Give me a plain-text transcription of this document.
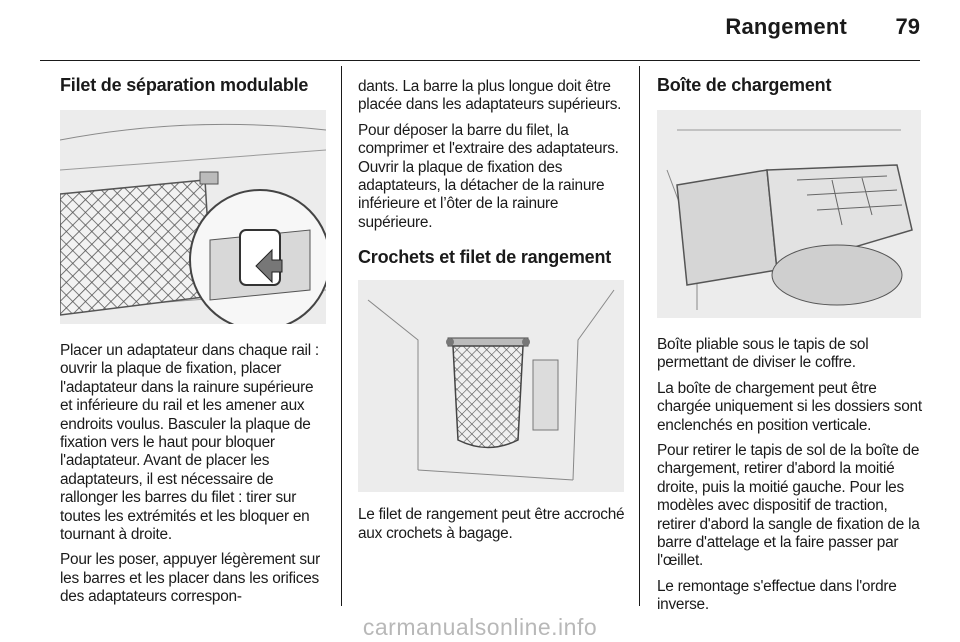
Rangement 79
Filet de séparation modulable

Placer un adaptateur dans chaque rail : ouvrir la plaque de fixation, placer l'adaptateur dans la rainure supérieure et inférieure du rail et les amener aux endroits voulus. Basculer la plaque de fixation vers le haut pour bloquer l'adaptateur. Avant de placer les adaptateurs, il est nécessaire de rallonger les barres du filet : tirer sur toutes les extrémités et les bloquer en tournant à droite.

Pour les poser, appuyer légèrement sur les barres et les placer dans les orifices des adaptateurs correspon-

dants. La barre la plus longue doit être placée dans les adaptateurs supérieurs.

Pour déposer la barre du filet, la comprimer et l'extraire des adaptateurs. Ouvrir la plaque de fixation des adaptateurs, la détacher de la rainure inférieure et l’ôter de la rainure supérieure.

Crochets et filet de rangement

Le filet de rangement peut être accroché aux crochets à bagage.

Boîte de chargement

Boîte pliable sous le tapis de sol permettant de diviser le coffre.

La boîte de chargement peut être chargée uniquement si les dossiers sont enclenchés en position verticale.

Pour retirer le tapis de sol de la boîte de chargement, retirer d'abord la moitié droite, puis la moitié gauche. Pour les modèles avec dispositif de traction, retirer d'abord la sangle de fixation de la barre d'attelage et la faire passer par l'œillet.

Le remontage s'effectue dans l'ordre inverse.

carmanualsonline.info
